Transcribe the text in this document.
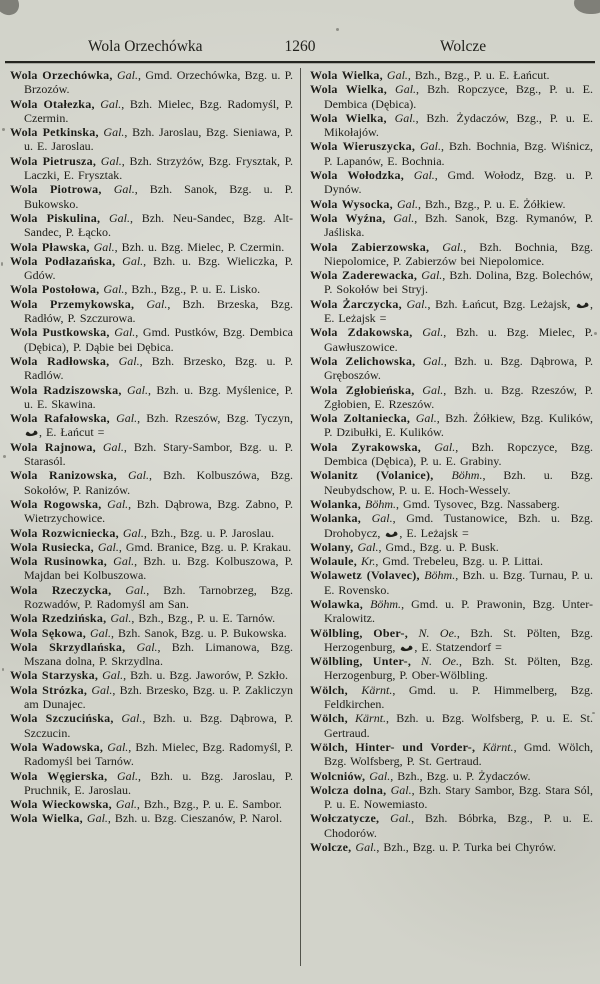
Wola Orzechówka	1260	Wolcze
Wola Orzechówka, Gal., Gmd. Orzechówka, Bzg. u. P. Brzozów.
Wola Otałezka, Gal., Bzh. Mielec, Bzg. Radomyśl, P. Czermin.
Wola Petkinska, Gal., Bzh. Jaroslau, Bzg. Sieniawa, P. u. E. Jaroslau.
Wola Pietrusza, Gal., Bzh. Strzyżów, Bzg. Frysztak, P. Laczki, E. Frysztak.
Wola Piotrowa, Gal., Bzh. Sanok, Bzg. u. P. Bukowsko.
Wola Piskulina, Gal., Bzh. Neu-Sandec, Bzg. Alt-Sandec, P. Łącko.
Wola Pławska, Gal., Bzh. u. Bzg. Mielec, P. Czermin.
Wola Podłazańska, Gal., Bzh. u. Bzg. Wieliczka, P. Gdów.
Wola Postołowa, Gal., Bzh., Bzg., P. u. E. Lisko.
Wola Przemykowska, Gal., Bzh. Brzeska, Bzg. Radłów, P. Szczurowa.
Wola Pustkowska, Gal., Gmd. Pustków, Bzg. Dembica (Dębica), P. Dąbie bei Dębica.
Wola Radłowska, Gal., Bzh. Brzesko, Bzg. u. P. Radlów.
Wola Radziszowska, Gal., Bzh. u. Bzg. Myślenice, P. u. E. Skawina.
Wola Rafałowska, Gal., Bzh. Rzeszów, Bzg. Tyczyn,
, E. Łańcut =
Wola Rajnowa, Gal., Bzh. Stary-Sambor, Bzg. u. P. Starasól.
Wola Ranizowska, Gal., Bzh. Kolbuszówa, Bzg. Sokołów, P. Ranizów.
Wola Rogowska, Gal., Bzh. Dąbrowa, Bzg. Zabno, P. Wietrzychowice.
Wola Rozwicniecka, Gal., Bzh., Bzg. u. P. Jaroslau.
Wola Rusiecka, Gal., Gmd. Branice, Bzg. u. P. Krakau.
Wola Rusinowka, Gal., Bzh. u. Bzg. Kolbuszowa, P. Majdan bei Kolbuszowa.
Wola Rzeczycka, Gal., Bzh. Tarnobrzeg, Bzg. Rozwadów, P. Radomyśl am San.
Wola Rzedzińska, Gal., Bzh., Bzg., P. u. E. Tarnów.
Wola Sękowa, Gal., Bzh. Sanok, Bzg. u. P. Bukowska.
Wola Skrzydlańska, Gal., Bzh. Limanowa, Bzg. Mszana dolna, P. Skrzydlna.
Wola Starzyska, Gal., Bzh. u. Bzg. Jaworów, P. Szkło.
Wola Strózka, Gal., Bzh. Brzesko, Bzg. u. P. Zakliczyn am Dunajec.
Wola Szczucińska, Gal., Bzh. u. Bzg. Dąbrowa, P. Szczucin.
Wola Wadowska, Gal., Bzh. Mielec, Bzg. Radomyśl, P. Radomyśl bei Tarnów.
Wola Węgierska, Gal., Bzh. u. Bzg. Jaroslau, P. Pruchnik, E. Jaroslau.
Wola Wieckowska, Gal., Bzh., Bzg., P. u. E. Sambor.
Wola Wielka, Gal., Bzh. u. Bzg. Cieszanów, P. Narol.
Wola Wielka, Gal., Bzh., Bzg., P. u. E. Łańcut.
Wola Wielka, Gal., Bzh. Ropczyce, Bzg., P. u. E. Dembica (Dębica).
Wola Wielka, Gal., Bzh. Żydaczów, Bzg., P. u. E. Mikołajów.
Wola Wieruszycka, Gal., Bzh. Bochnia, Bzg. Wiśnicz, P. Lapanów, E. Bochnia.
Wola Wołodzka, Gal., Gmd. Wołodz, Bzg. u. P. Dynów.
Wola Wysocka, Gal., Bzh., Bzg., P. u. E. Żółkiew.
Wola Wyźna, Gal., Bzh. Sanok, Bzg. Rymanów, P. Jaśliska.
Wola Zabierzowska, Gal., Bzh. Bochnia, Bzg. Niepolomice, P. Zabierzów bei Niepolomice.
Wola Zaderewacka, Gal., Bzh. Dolina, Bzg. Bolechów, P. Sokołów bei Stryj.
Wola Żarczycka, Gal., Bzh. Łańcut, Bzg. Leżajsk,
, E. Leżajsk =
Wola Zdakowska, Gal., Bzh. u. Bzg. Mielec, P. Gawłuszowice.
Wola Zelichowska, Gal., Bzh. u. Bzg. Dąbrowa, P. Gręboszów.
Wola Zgłobieńska, Gal., Bzh. u. Bzg. Rzeszów, P. Zgłobien, E. Rzeszów.
Wola Zoltaniecka, Gal., Bzh. Żółkiew, Bzg. Kulików, P. Dzibułki, E. Kulików.
Wola Zyrakowska, Gal., Bzh. Ropczyce, Bzg. Dembica (Dębica), P. u. E. Grabiny.
Wolanitz (Volanice), Böhm., Bzh. u. Bzg. Neubydschow, P. u. E. Hoch-Wessely.
Wolanka, Böhm., Gmd. Tysovec, Bzg. Nassaberg.
Wolanka, Gal., Gmd. Tustanowice, Bzh. u. Bzg. Drohobycz,
, E. Leżajsk =
Wolany, Gal., Gmd., Bzg. u. P. Busk.
Wolaule, Kr., Gmd. Trebeleu, Bzg. u. P. Littai.
Wolawetz (Volavec), Böhm., Bzh. u. Bzg. Turnau, P. u. E. Rovensko.
Wolawka, Böhm., Gmd. u. P. Prawonin, Bzg. Unter-Kralowitz.
Wölbling, Ober-, N. Oe., Bzh. St. Pölten, Bzg. Herzogenburg,
, E. Statzendorf =
Wölbling, Unter-, N. Oe., Bzh. St. Pölten, Bzg. Herzogenburg, P. Ober-Wölbling.
Wölch, Kärnt., Gmd. u. P. Himmelberg, Bzg. Feldkirchen.
Wölch, Kärnt., Bzh. u. Bzg. Wolfsberg, P. u. E. St. Gertraud.
Wölch, Hinter- und Vorder-, Kärnt., Gmd. Wölch, Bzg. Wolfsberg, P. St. Gertraud.
Wolcniów, Gal., Bzh., Bzg. u. P. Żydaczów.
Wolcza dolna, Gal., Bzh. Stary Sambor, Bzg. Stara Sól, P. u. E. Nowemiasto.
Wołczatycze, Gal., Bzh. Bóbrka, Bzg., P. u. E. Chodorów.
Wolcze, Gal., Bzh., Bzg. u. P. Turka bei Chyrów.
